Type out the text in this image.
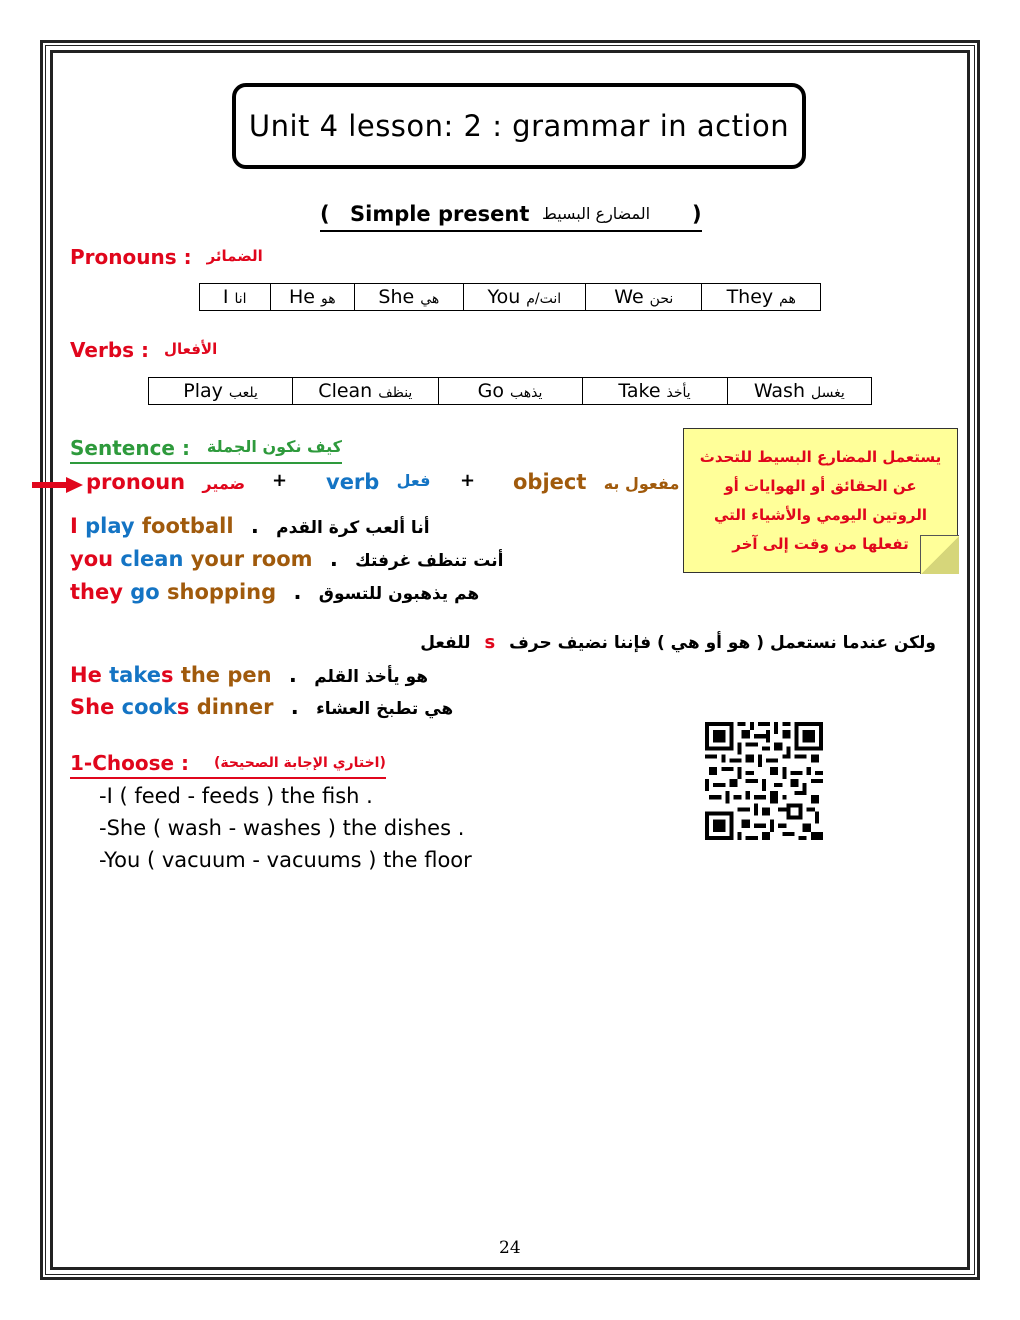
Unit 4 lesson: 2 : grammar in action
( Simple present المضارع البسيط )
Pronouns : الضمائر
I انا	He هو	She هي	You انت/م	We نحن	They هم
Verbs : الأفعال
Play يلعب	Clean ينظف	Go يذهب	Take يأخذ	Wash يغسل
Sentence : كيف نكون الجملة
يستعمل المضارع البسيط للتحدث
عن الحقائق أو الهوايات أو
الروتين اليومي والأشياء التي
تفعلها من وقت إلى آخر
pronoun ضمير + verb فعل + object مفعول به
I play football . أنا ألعب كرة القدم
you clean your room . أنت تنظف غرفتك
they go shopping . هم يذهبون للتسوق
ولكن عندما نستعمل ( هو أو هي ) فإننا نضيف حرف s للفعل
He takes the pen . هو يأخذ القلم
She cooks dinner . هي تطبخ العشاء
1-Choose : (اختاري الإجابة الصحيحة)
-I ( feed - feeds ) the fish .
-She ( wash - washes ) the dishes .
-You ( vacuum - vacuums ) the floor
24
